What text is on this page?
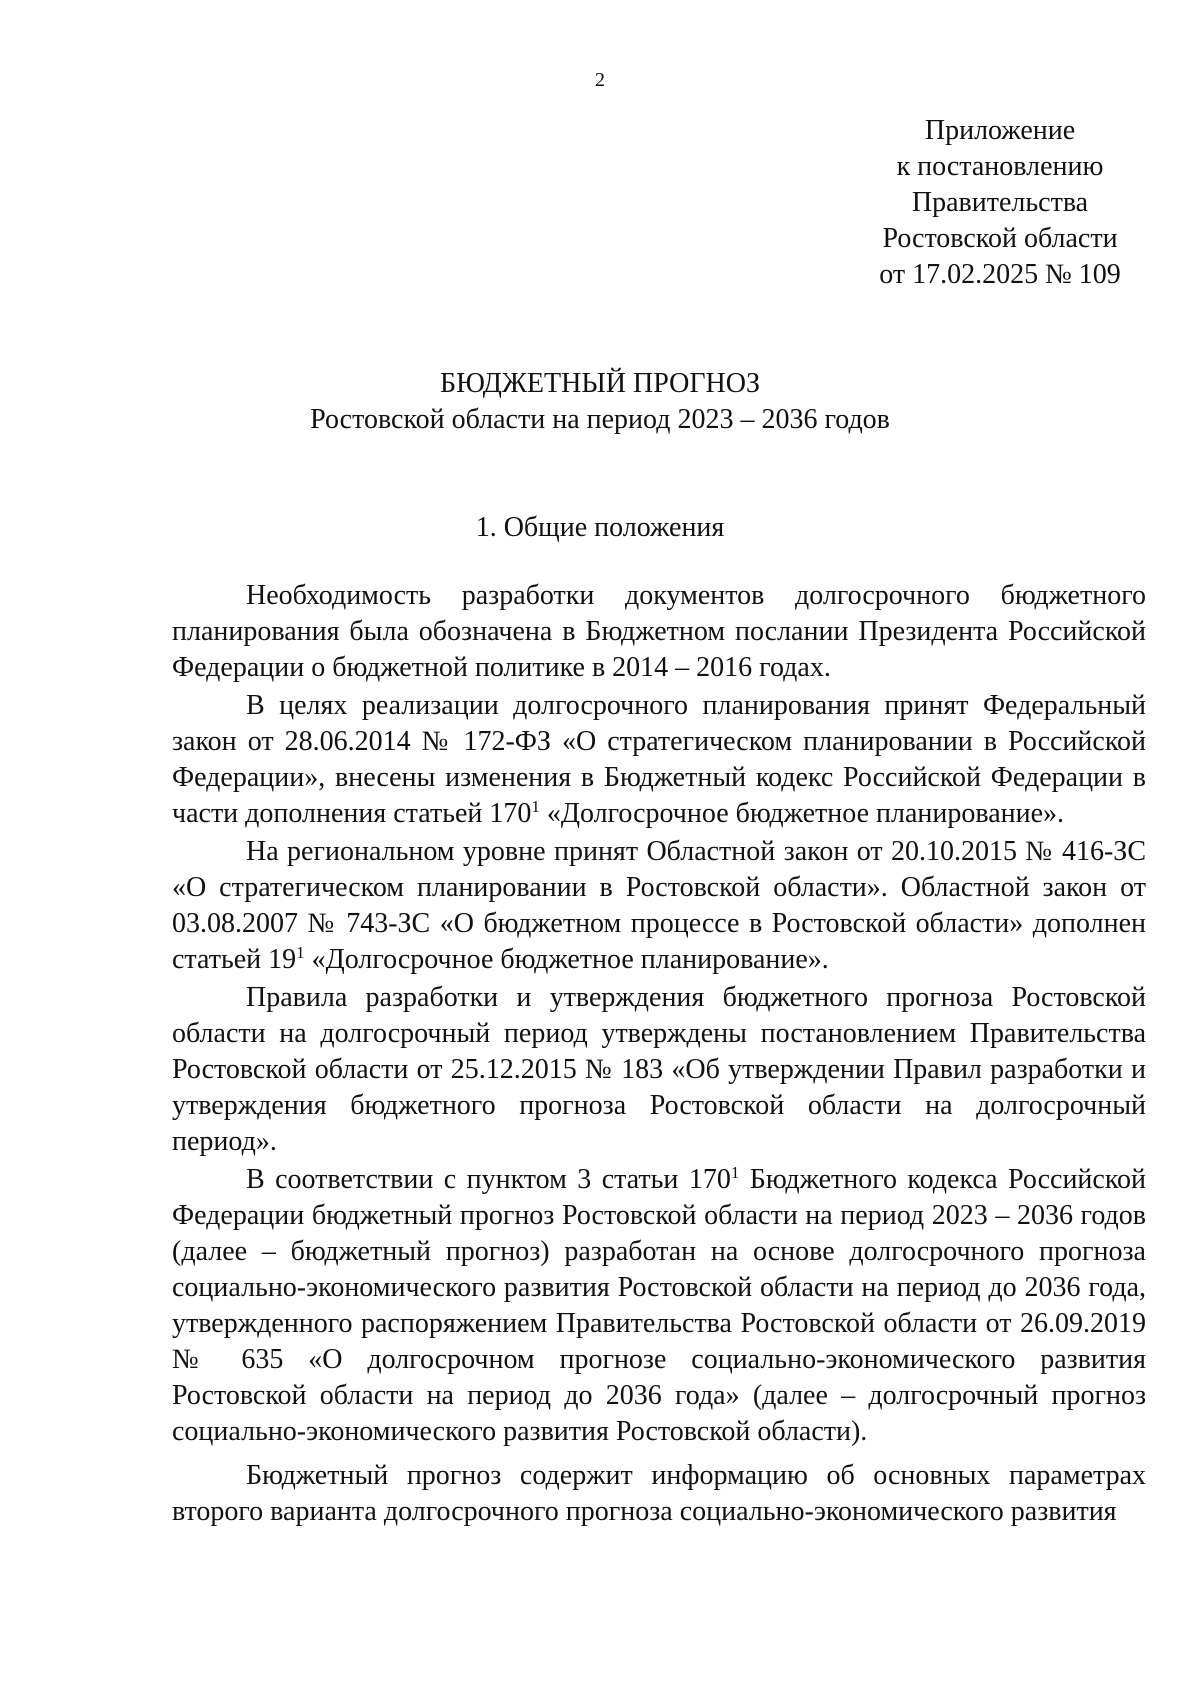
2
Приложение
к постановлению
Правительства
Ростовской области
от 17.02.2025 № 109
БЮДЖЕТНЫЙ ПРОГНОЗ
Ростовской области на период 2023 – 2036 годов
1. Общие положения

Необходимость разработки документов долгосрочного бюджетного планирования была обозначена в Бюджетном послании Президента Российской Федерации о бюджетной политике в 2014 – 2016 годах.

В целях реализации долгосрочного планирования принят Федеральный закон от 28.06.2014 № 172-ФЗ «О стратегическом планировании в Российской Федерации», внесены изменения в Бюджетный кодекс Российской Федерации в части дополнения статьей $170^1$ «Долгосрочное бюджетное планирование».

На региональном уровне принят Областной закон от 20.10.2015 № 416-ЗС «О стратегическом планировании в Ростовской области». Областной закон от 03.08.2007 № 743-ЗС «О бюджетном процессе в Ростовской области» дополнен статьей $19^1$ «Долгосрочное бюджетное планирование».

Правила разработки и утверждения бюджетного прогноза Ростовской области на долгосрочный период утверждены постановлением Правительства Ростовской области от 25.12.2015 № 183 «Об утверждении Правил разработки и утверждения бюджетного прогноза Ростовской области на долгосрочный период».

В соответствии с пунктом 3 статьи $170^1$ Бюджетного кодекса Российской Федерации бюджетный прогноз Ростовской области на период 2023 – 2036 годов (далее – бюджетный прогноз) разработан на основе долгосрочного прогноза социально-экономического развития Ростовской области на период до 2036 года, утвержденного распоряжением Правительства Ростовской области от 26.09.2019 № 635 «О долгосрочном прогнозе социально-экономического развития Ростовской области на период до 2036 года» (далее – долгосрочный прогноз социально-экономического развития Ростовской области).

Бюджетный прогноз содержит информацию об основных параметрах второго варианта долгосрочного прогноза социально-экономического развития
